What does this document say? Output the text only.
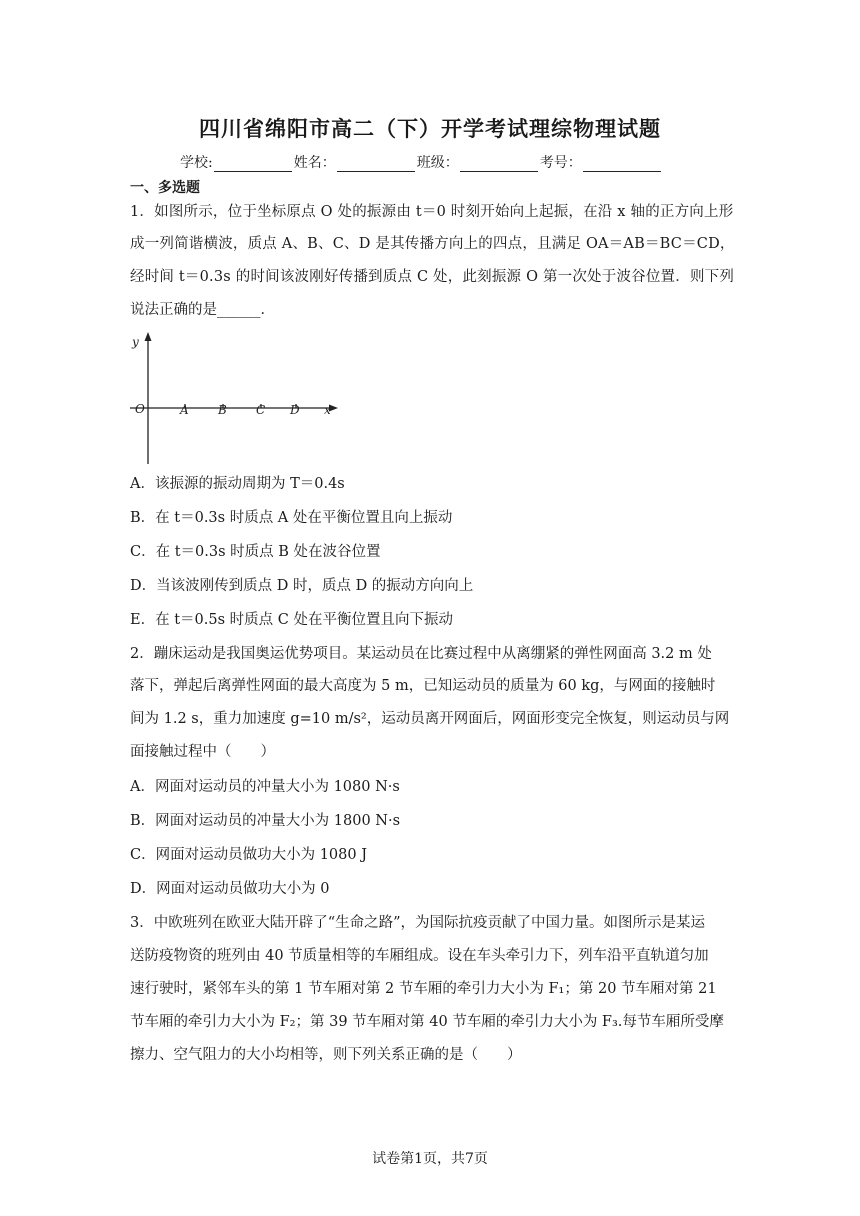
四川省绵阳市高二（下）开学考试理综物理试题
学校:	姓名：	班级：	考号：
一、多选题
1．如图所示，位于坐标原点 O 处的振源由 t＝0 时刻开始向上起振，在沿 x 轴的正方向上形
成一列简谐横波，质点 A、B、C、D 是其传播方向上的四点，且满足 OA＝AB＝BC＝CD，
经时间 t＝0.3s 的时间该波刚好传播到质点 C 处，此刻振源 O 第一次处于波谷位置．则下列
说法正确的是______．
y
O	A B C D x
A．该振源的振动周期为 T＝0.4s
B．在 t＝0.3s 时质点 A 处在平衡位置且向上振动
C．在 t＝0.3s 时质点 B 处在波谷位置
D．当该波刚传到质点 D 时，质点 D 的振动方向向上
E．在 t＝0.5s 时质点 C 处在平衡位置且向下振动
2．蹦床运动是我国奥运优势项目。某运动员在比赛过程中从离绷紧的弹性网面高 3.2 m 处
落下，弹起后离弹性网面的最大高度为 5 m，已知运动员的质量为 60 kg，与网面的接触时
间为 1.2 s，重力加速度 g=10 m/s²，运动员离开网面后，网面形变完全恢复，则运动员与网
面接触过程中（　　）
A．网面对运动员的冲量大小为 1080 N·s
B．网面对运动员的冲量大小为 1800 N·s
C．网面对运动员做功大小为 1080 J
D．网面对运动员做功大小为 0
3．中欧班列在欧亚大陆开辟了“生命之路”，为国际抗疫贡献了中国力量。如图所示是某运
送防疫物资的班列由 40 节质量相等的车厢组成。设在车头牵引力下，列车沿平直轨道匀加
速行驶时，紧邻车头的第 1 节车厢对第 2 节车厢的牵引力大小为 F₁；第 20 节车厢对第 21
节车厢的牵引力大小为 F₂；第 39 节车厢对第 40 节车厢的牵引力大小为 F₃.每节车厢所受摩
擦力、空气阻力的大小均相等，则下列关系正确的是（　　）
试卷第1页，共7页
